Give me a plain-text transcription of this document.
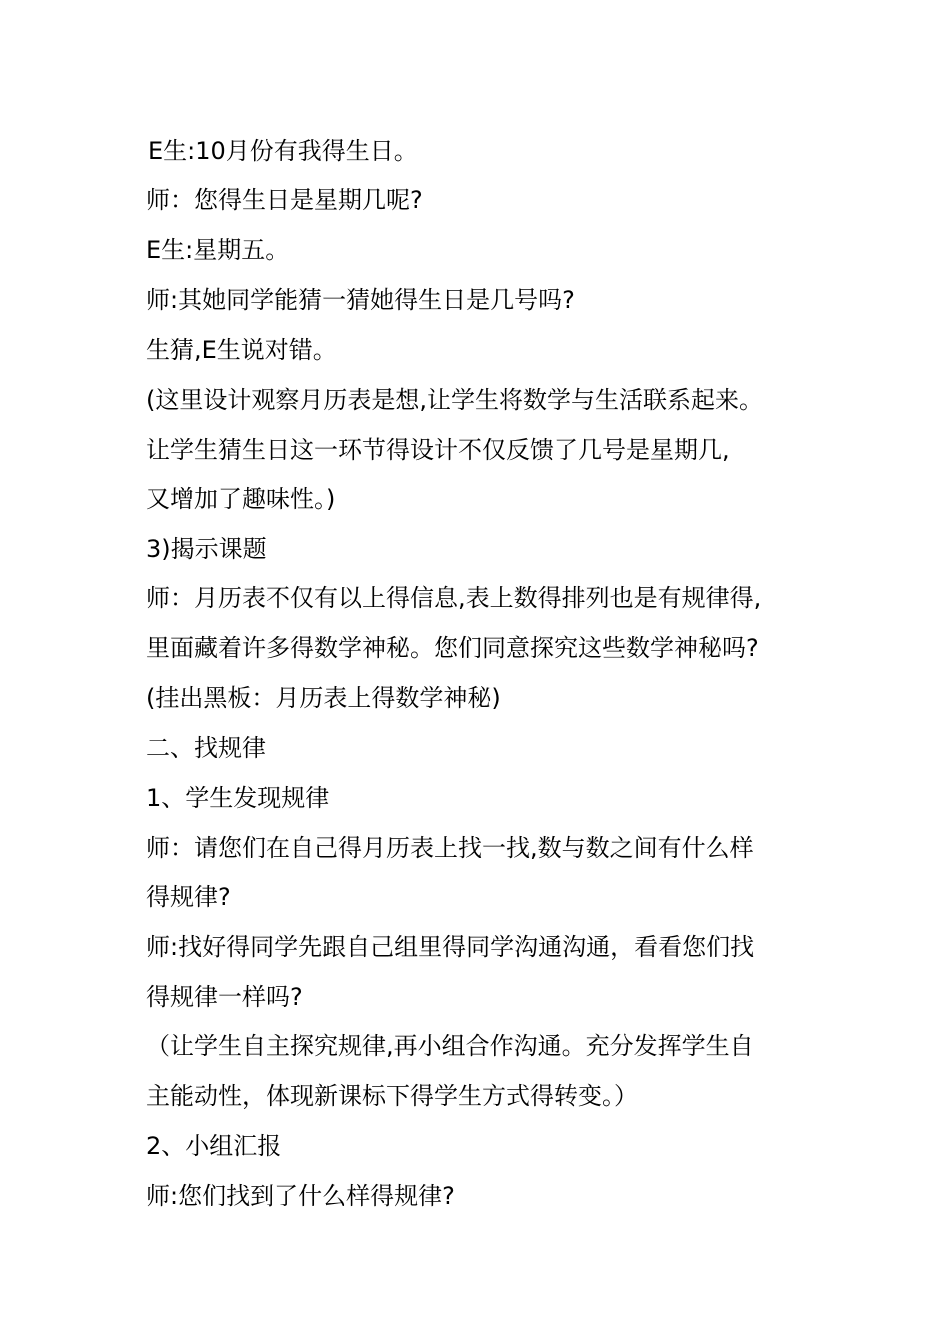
E生:10月份有我得生日。
师：您得生日是星期几呢?
E生:星期五。
师:其她同学能猜一猜她得生日是几号吗?
生猜,E生说对错。
(这里设计观察月历表是想,让学生将数学与生活联系起来。
让学生猜生日这一环节得设计不仅反馈了几号是星期几,
又增加了趣味性。)
3)揭示课题
师：月历表不仅有以上得信息,表上数得排列也是有规律得,
里面藏着许多得数学神秘。您们同意探究这些数学神秘吗?
(挂出黑板：月历表上得数学神秘)
二、找规律
1、学生发现规律
师：请您们在自己得月历表上找一找,数与数之间有什么样
得规律?
师:找好得同学先跟自己组里得同学沟通沟通，看看您们找
得规律一样吗?
（让学生自主探究规律,再小组合作沟通。充分发挥学生自
主能动性，体现新课标下得学生方式得转变。）
2、小组汇报
师:您们找到了什么样得规律?
